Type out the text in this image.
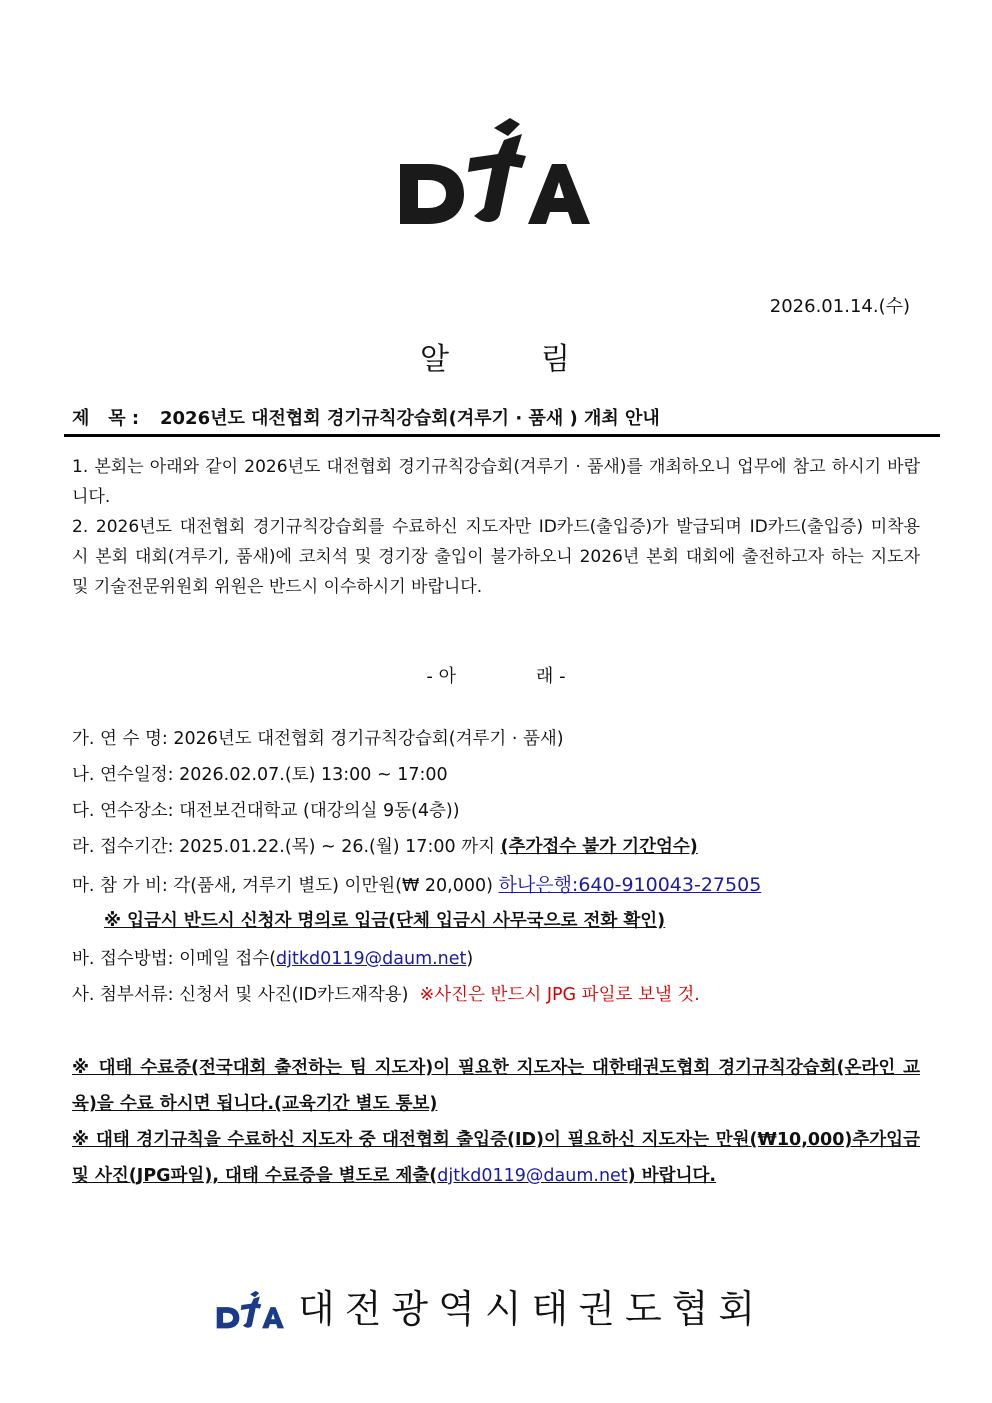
2026.01.14.(수)
알	림
제   목 : 2026년도 대전협회 경기규칙강습회(겨루기 · 품새 ) 개최 안내
1. 본회는 아래와 같이 2026년도 대전협회 경기규칙강습회(겨루기 · 품새)를 개최하오니 업무에 참고 하시기 바랍니다.
2. 2026년도 대전협회 경기규칙강습회를 수료하신 지도자만 ID카드(출입증)가 발급되며 ID카드(출입증) 미착용 시 본회 대회(겨루기, 품새)에 코치석 및 경기장 출입이 불가하오니 2026년 본회 대회에 출전하고자 하는 지도자 및 기술전문위원회 위원은 반드시 이수하시기 바랍니다.
- 아	래 -
가. 연 수 명: 2026년도 대전협회 경기규칙강습회(겨루기 · 품새)
나. 연수일정: 2026.02.07.(토) 13:00 ~ 17:00
다. 연수장소: 대전보건대학교 (대강의실 9동(4층))
라. 접수기간: 2025.01.22.(목) ~ 26.(월) 17:00 까지 (추가접수 불가 기간엄수)
마. 참 가 비: 각(품새, 겨루기 별도) 이만원(₩ 20,000) 하나은행:640-910043-27505
※ 입금시 반드시 신청자 명의로 입금(단체 입금시 사무국으로 전화 확인)
바. 접수방법: 이메일 접수(djtkd0119@daum.net)
사. 첨부서류: 신청서 및 사진(ID카드재작용)  ※사진은 반드시 JPG 파일로 보낼 것.
※ 대태 수료증(전국대회 출전하는 팀 지도자)이 필요한 지도자는 대한태권도협회 경기규칙강습회(온라인 교육)을 수료 하시면 됩니다.(교육기간 별도 통보)
※ 대태 경기규칙을 수료하신 지도자 중 대전협회 출입증(ID)이 필요하신 지도자는 만원(₩10,000)추가입금 및 사진(JPG파일), 대태 수료증을 별도로 제출(djtkd0119@daum.net) 바랍니다.
대전광역시태권도협회
